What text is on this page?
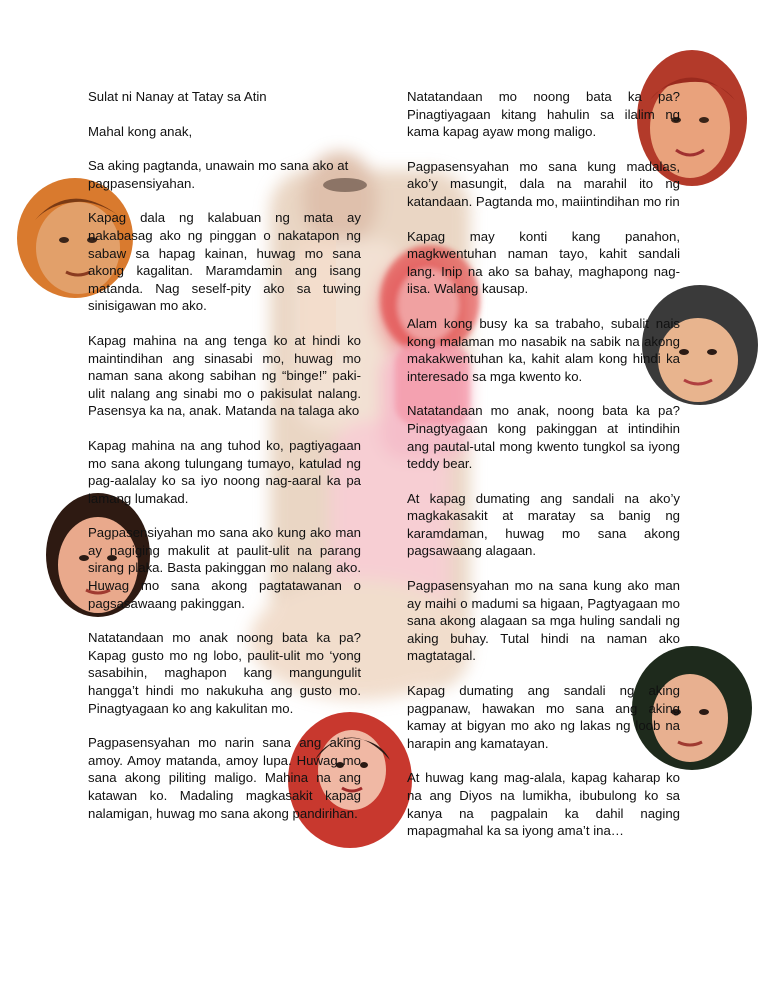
Sulat ni Nanay at Tatay sa Atin

Mahal kong anak,

Sa aking pagtanda, unawain mo sana ako at pagpasensiyahan.

Kapag dala ng kalabuan ng mata ay nakabasag ako ng pinggan o nakatapon ng sabaw sa hapag kainan, huwag mo sana akong kagalitan. Maramdamin ang isang matanda. Nag seself-pity ako sa tuwing sinisigawan mo ako.

Kapag mahina na ang tenga ko at hindi ko maintindihan ang sinasabi mo, huwag mo naman sana akong sabihan ng “binge!” paki-ulit nalang ang sinabi mo o pakisulat nalang. Pasensya ka na, anak. Matanda na talaga ako

Kapag mahina na ang tuhod ko, pagtiyagaan mo sana akong tulungang tumayo, katulad ng pag-aalalay ko sa iyo noong nag-aaral ka pa lamang lumakad.

Pagpasensiyahan mo sana ako kung ako man ay nagiging makulit at paulit-ulit na parang sirang plaka. Basta pakinggan mo nalang ako. Huwag mo sana akong pagtatawanan o pagsasawaang pakinggan.

Natatandaan mo anak noong bata ka pa? Kapag gusto mo ng lobo, paulit-ulit mo ‘yong sasabihin, maghapon kang mangungulit hangga’t hindi mo nakukuha ang gusto mo. Pinagtyagaan ko ang kakulitan mo.

Pagpasensyahan mo narin sana ang aking amoy. Amoy matanda, amoy lupa. Huwag mo sana akong piliting maligo. Mahina na ang katawan ko. Madaling magkasakit kapag nalamigan, huwag mo sana akong pandirihan.

Natatandaan mo noong bata ka pa? Pinagtiyagaan kitang hahulin sa ilalim ng kama kapag ayaw mong maligo.

Pagpasensyahan mo sana kung madalas, ako’y masungit, dala na marahil ito ng katandaan. Pagtanda mo, maiintindihan mo rin

Kapag may konti kang panahon, magkwentuhan naman tayo, kahit sandali lang. Inip na ako sa bahay, maghapong nag-iisa. Walang kausap.

Alam kong busy ka sa trabaho, subalit nais kong malaman mo nasabik na sabik na akong makakwentuhan ka, kahit alam kong hindi ka interesado sa mga kwento ko.

Natatandaan mo anak, noong bata ka pa? Pinagtyagaan kong pakinggan at intindihin ang pautal-utal mong kwento tungkol sa iyong teddy bear.

At kapag dumating ang sandali na ako’y magkakasakit at maratay sa banig ng karamdaman, huwag mo sana akong pagsawaang alagaan.

Pagpasensyahan mo na sana kung ako man ay maihi o madumi sa higaan, Pagtyagaan mo sana akong alagaan sa mga huling sandali ng aking buhay. Tutal hindi na naman ako magtatagal.

Kapag dumating ang sandali ng aking pagpanaw, hawakan mo sana ang aking kamay at bigyan mo ako ng lakas ng loob na harapin ang kamatayan.

At huwag kang mag-alala, kapag kaharap ko na ang Diyos na lumikha, ibubulong ko sa kanya na pagpalain ka dahil naging mapagmahal ka sa iyong ama’t ina…
